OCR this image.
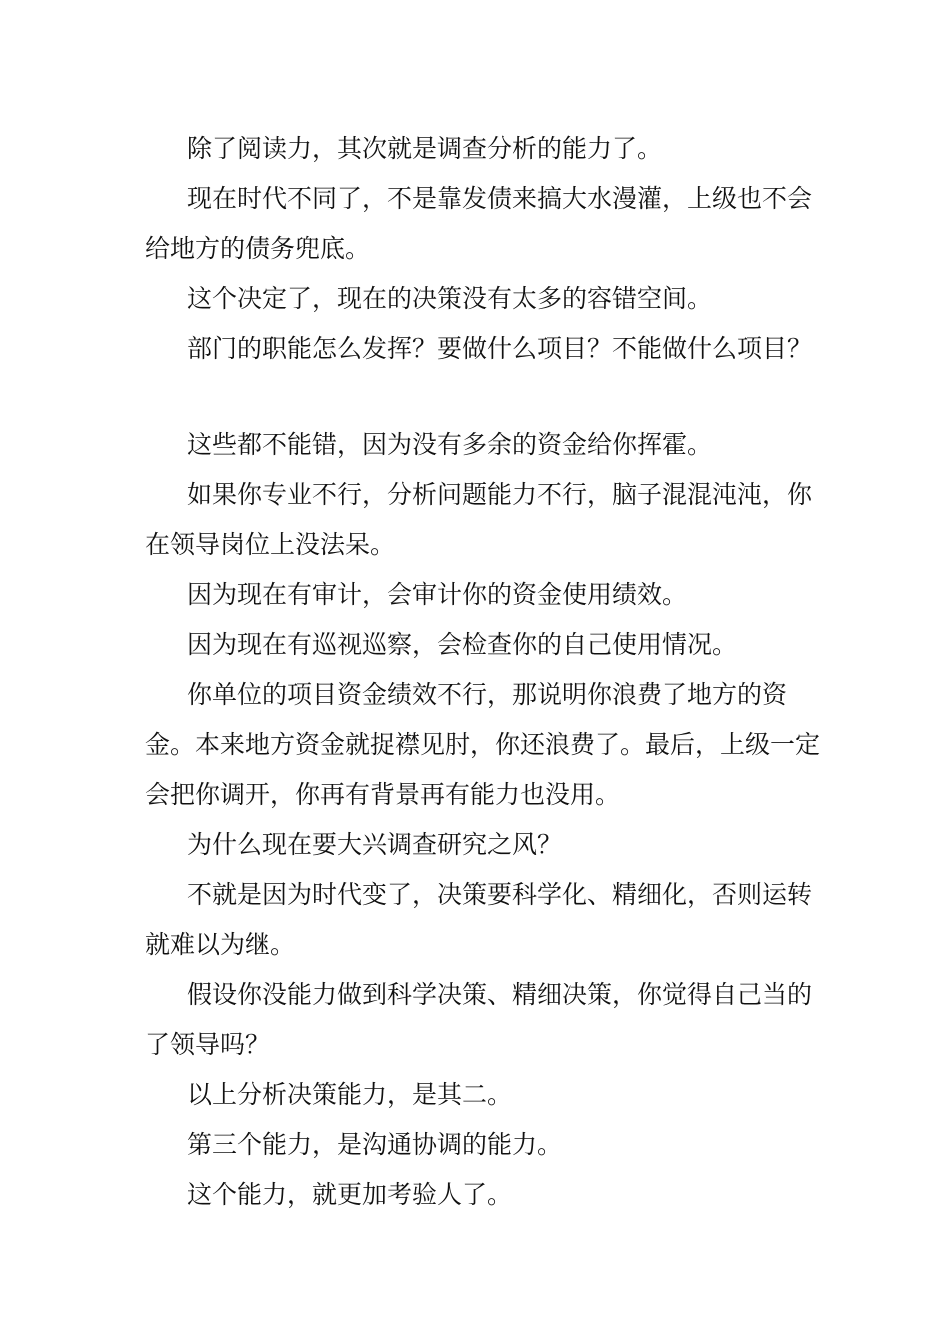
除了阅读力，其次就是调查分析的能力了。

现在时代不同了，不是靠发债来搞大水漫灌，上级也不会给地方的债务兜底。

这个决定了，现在的决策没有太多的容错空间。

部门的职能怎么发挥？要做什么项目？不能做什么项目？

这些都不能错，因为没有多余的资金给你挥霍。

如果你专业不行，分析问题能力不行，脑子混混沌沌，你在领导岗位上没法呆。

因为现在有审计，会审计你的资金使用绩效。

因为现在有巡视巡察，会检查你的自己使用情况。

你单位的项目资金绩效不行，那说明你浪费了地方的资金。本来地方资金就捉襟见肘，你还浪费了。最后，上级一定会把你调开，你再有背景再有能力也没用。

为什么现在要大兴调查研究之风？

不就是因为时代变了，决策要科学化、精细化，否则运转就难以为继。

假设你没能力做到科学决策、精细决策，你觉得自己当的了领导吗？

以上分析决策能力，是其二。

第三个能力，是沟通协调的能力。

这个能力，就更加考验人了。
